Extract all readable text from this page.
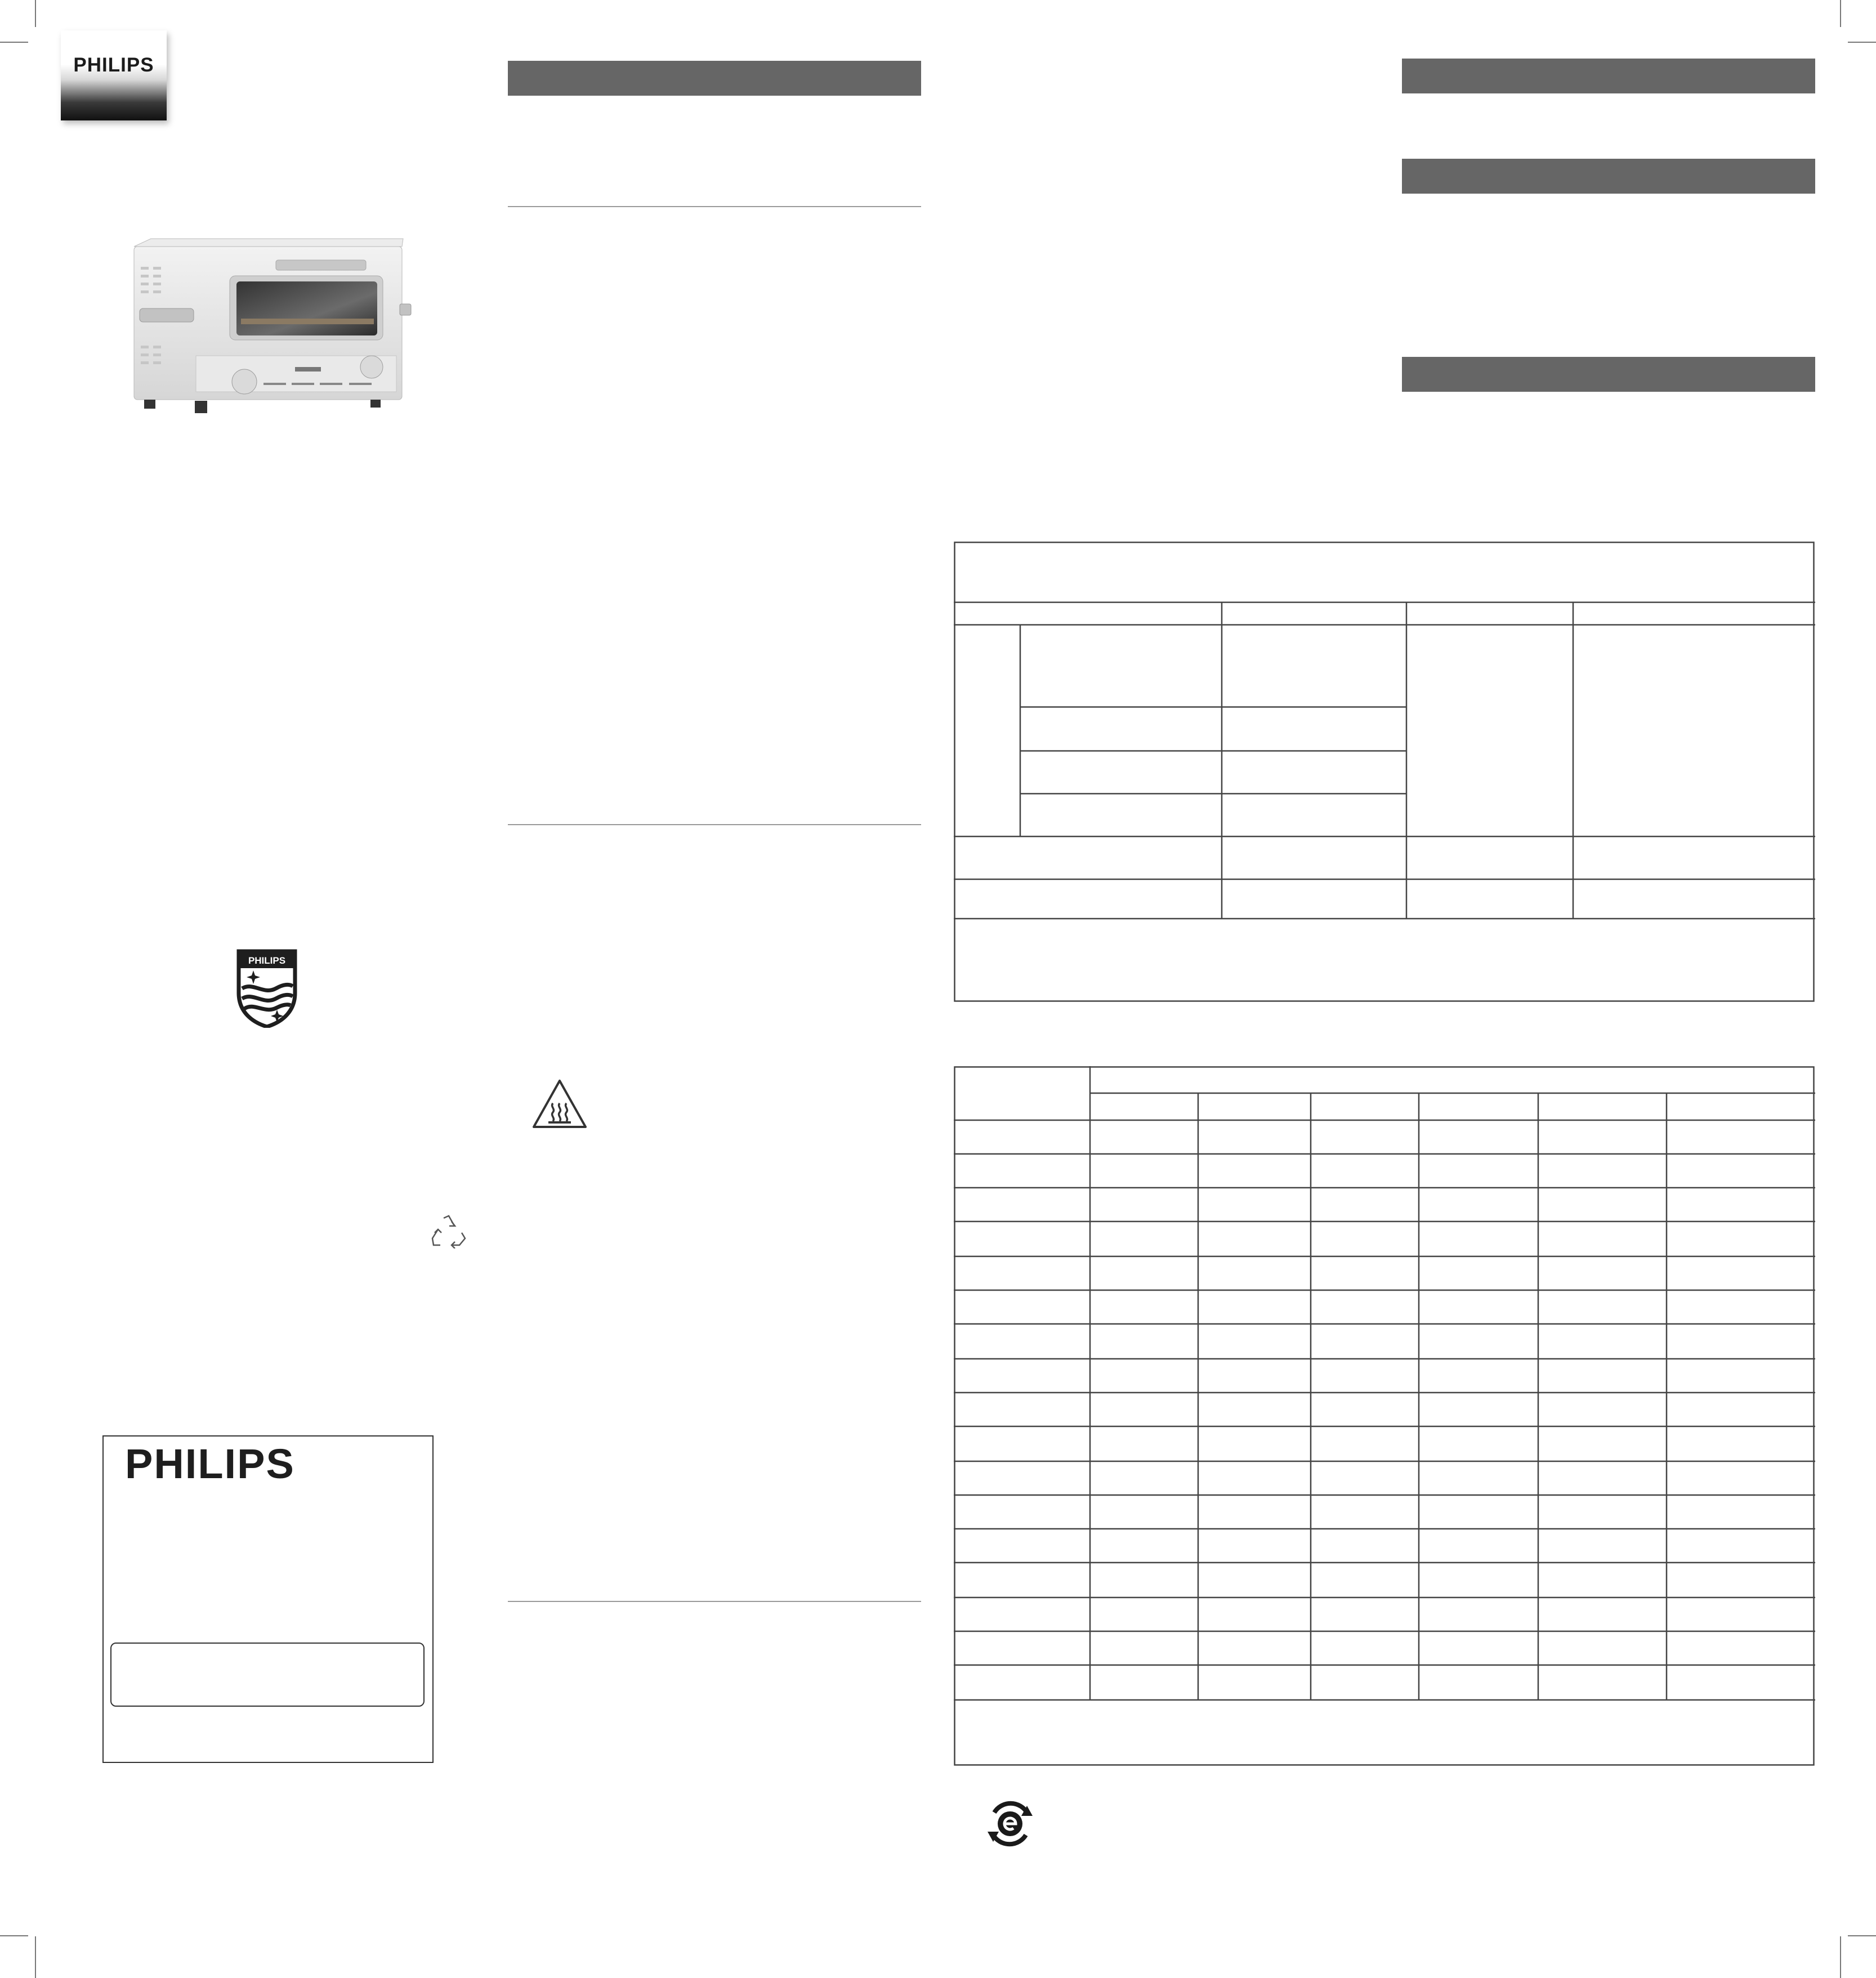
PHILIPS
PHILIPS
PHILIPS
